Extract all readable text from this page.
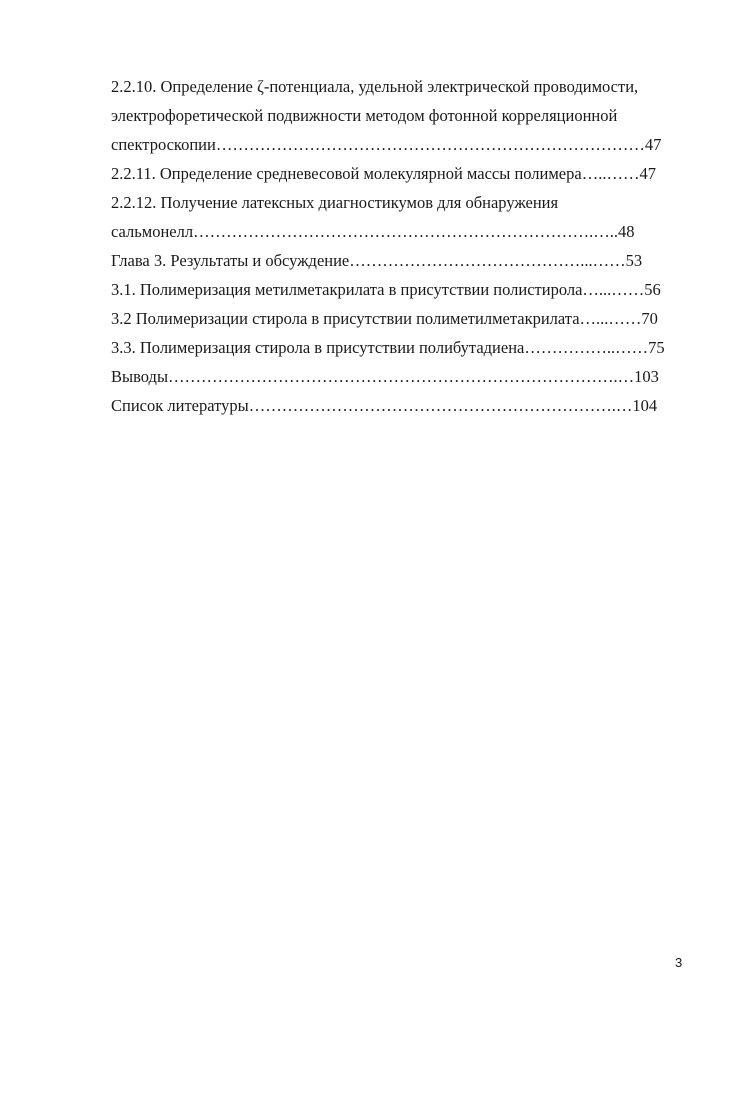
2.2.10. Определение ζ-потенциала, удельной электрической проводимости,
электрофоретической подвижности методом фотонной корреляционной
спектроскопии……………………………………………………………………47
2.2.11. Определение средневесовой молекулярной массы полимера…..……47
2.2.12. Получение латексных диагностикумов для обнаружения
сальмонелл……………………………………………………………….…..48
Глава 3. Результаты и обсуждение……………………………………...……53
3.1. Полимеризация метилметакрилата в присутствии полистирола…...……56
3.2 Полимеризации стирола в присутствии полиметилметакрилата…...……70
3.3. Полимеризация стирола в присутствии полибутадиена……………..……75
Выводы……………………………………………………………………….…103
Список литературы………………………………………………………….…104
3
